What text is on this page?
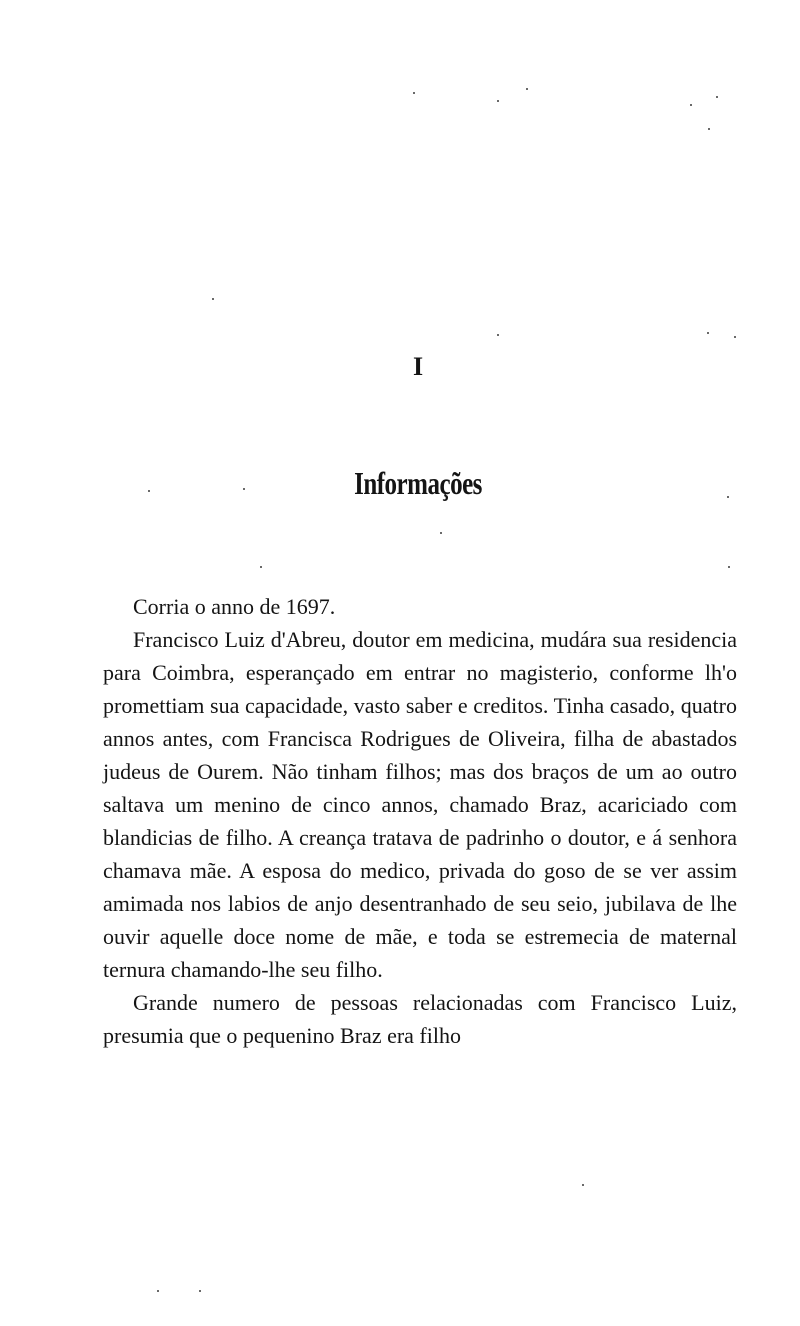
I
Informações

Corria o anno de 1697.

Francisco Luiz d'Abreu, doutor em medicina, mudára sua residencia para Coimbra, esperançado em entrar no magisterio, conforme lh'o promettiam sua capacidade, vasto saber e creditos. Tinha casado, quatro annos antes, com Francisca Rodrigues de Oliveira, filha de abastados judeus de Ourem. Não tinham filhos; mas dos braços de um ao outro saltava um menino de cinco annos, chamado Braz, acariciado com blandicias de filho. A creança tratava de padrinho o doutor, e á senhora chamava mãe. A esposa do medico, privada do goso de se ver assim amimada nos labios de anjo desentranhado de seu seio, jubilava de lhe ouvir aquelle doce nome de mãe, e toda se estremecia de maternal ternura chamando-lhe seu filho.

Grande numero de pessoas relacionadas com Francisco Luiz, presumia que o pequenino Braz era filho
